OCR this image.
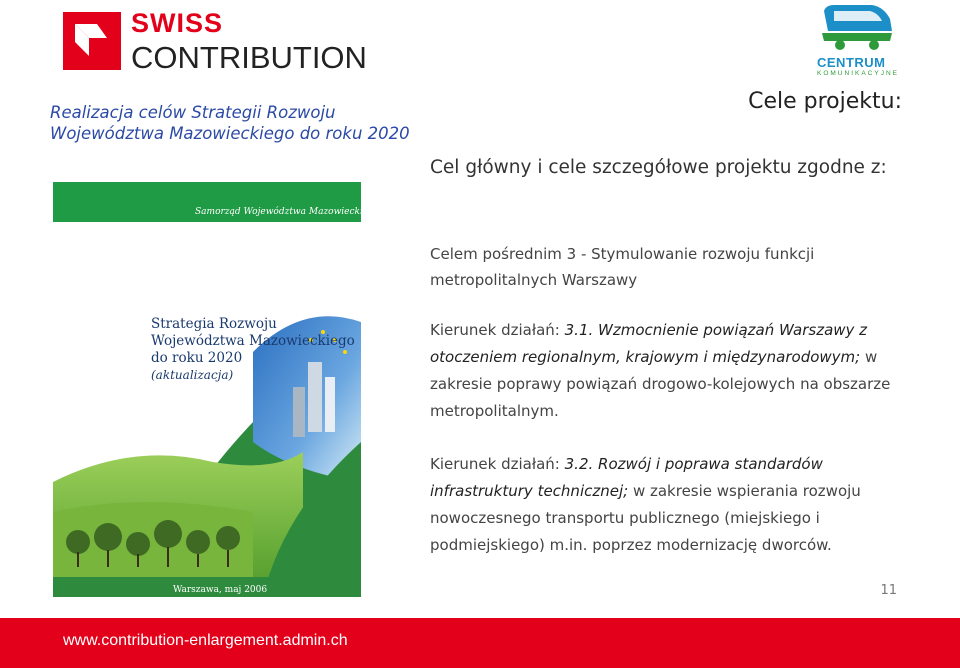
SWISS
CONTRIBUTION	CENTRUM
KOMUNIKACYJNE
Realizacja celów Strategii Rozwoju Województwa Mazowieckiego do roku 2020
Cele projektu:
Samorząd Województwa Mazowieckiego
Strategia Rozwoju
Województwa Mazowieckiego
do roku 2020
(aktualizacja)
Warszawa, maj 2006
Cel główny i cele szczegółowe projektu zgodne z:
Celem pośrednim 3 - Stymulowanie rozwoju funkcji metropolitalnych Warszawy
Kierunek działań: 3.1. Wzmocnienie powiązań Warszawy z otoczeniem regionalnym, krajowym i międzynarodowym; w zakresie poprawy powiązań drogowo-kolejowych na obszarze metropolitalnym.
Kierunek działań: 3.2. Rozwój i poprawa standardów infrastruktury technicznej; w zakresie wspierania rozwoju nowoczesnego transportu publicznego (miejskiego i podmiejskiego) m.in. poprzez modernizację dworców.
11
www.contribution-enlargement.admin.ch
